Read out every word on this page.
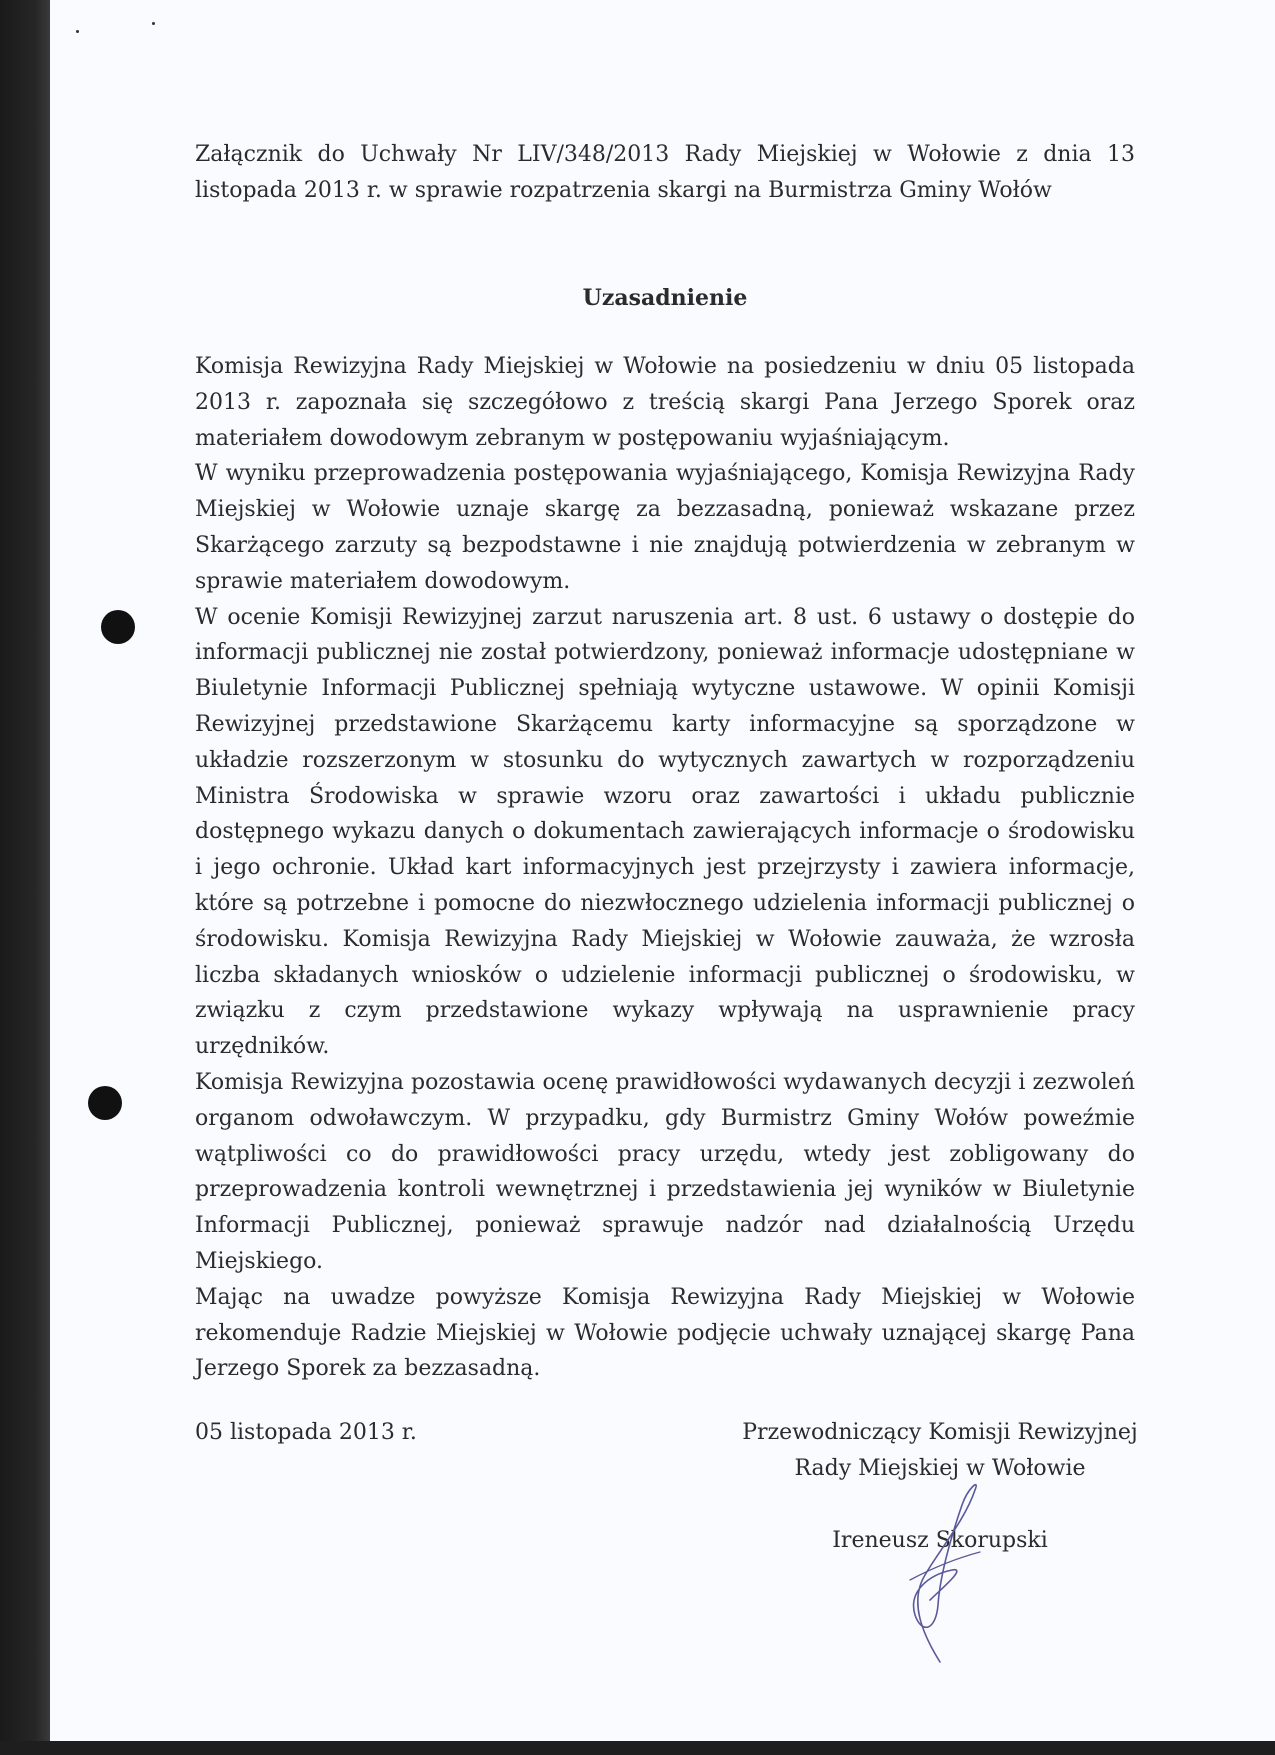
Załącznik do Uchwały Nr LIV/348/2013 Rady Miejskiej w Wołowie z dnia 13 listopada 2013 r. w sprawie rozpatrzenia skargi na Burmistrza Gminy Wołów

Uzasadnienie

Komisja Rewizyjna Rady Miejskiej w Wołowie na posiedzeniu w dniu 05 listopada 2013 r. zapoznała się szczegółowo z treścią skargi Pana Jerzego Sporek oraz materiałem dowodowym zebranym w postępowaniu wyjaśniającym.

W wyniku przeprowadzenia postępowania wyjaśniającego, Komisja Rewizyjna Rady Miejskiej w Wołowie uznaje skargę za bezzasadną, ponieważ wskazane przez Skarżącego zarzuty są bezpodstawne i nie znajdują potwierdzenia w zebranym w sprawie materiałem dowodowym.

W ocenie Komisji Rewizyjnej zarzut naruszenia art. 8 ust. 6 ustawy o dostępie do informacji publicznej nie został potwierdzony, ponieważ informacje udostępniane w Biuletynie Informacji Publicznej spełniają wytyczne ustawowe. W opinii Komisji Rewizyjnej przedstawione Skarżącemu karty informacyjne są sporządzone w układzie rozszerzonym w stosunku do wytycznych zawartych w rozporządzeniu Ministra Środowiska w sprawie wzoru oraz zawartości i układu publicznie dostępnego wykazu danych o dokumentach zawierających informacje o środowisku i jego ochronie. Układ kart informacyjnych jest przejrzysty i zawiera informacje, które są potrzebne i pomocne do niezwłocznego udzielenia informacji publicznej o środowisku. Komisja Rewizyjna Rady Miejskiej w Wołowie zauważa, że wzrosła liczba składanych wniosków o udzielenie informacji publicznej o środowisku, w związku z czym przedstawione wykazy wpływają na usprawnienie pracy urzędników.

Komisja Rewizyjna pozostawia ocenę prawidłowości wydawanych decyzji i zezwoleń organom odwoławczym. W przypadku, gdy Burmistrz Gminy Wołów poweźmie wątpliwości co do prawidłowości pracy urzędu, wtedy jest zobligowany do przeprowadzenia kontroli wewnętrznej i przedstawienia jej wyników w Biuletynie Informacji Publicznej, ponieważ sprawuje nadzór nad działalnością Urzędu Miejskiego.

Mając na uwadze powyższe Komisja Rewizyjna Rady Miejskiej w Wołowie rekomenduje Radzie Miejskiej w Wołowie podjęcie uchwały uznającej skargę Pana Jerzego Sporek za bezzasadną.

05 listopada 2013 r.	Przewodniczący Komisji Rewizyjnej
Rady Miejskiej w Wołowie
Ireneusz Skorupski
